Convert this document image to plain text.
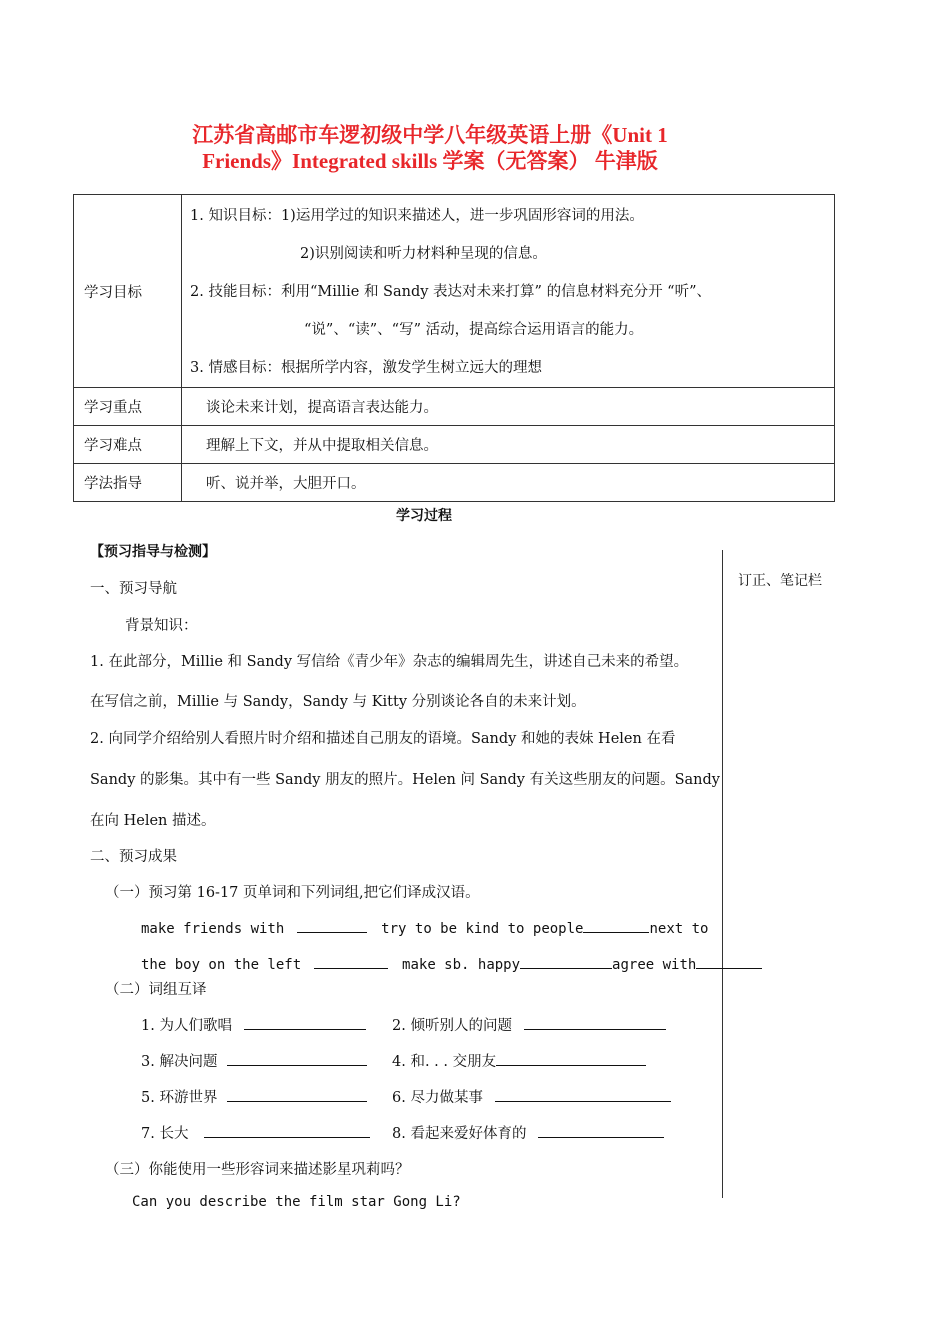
江苏省高邮市车逻初级中学八年级英语上册《Unit 1
Friends》Integrated skills 学案（无答案） 牛津版
学习目标	1. 知识目标：1)运用学过的知识来描述人，进一步巩固形容词的用法。
2)识别阅读和听力材料种呈现的信息。
2. 技能目标：利用“Millie 和 Sandy 表达对未来打算” 的信息材料充分开 “听”、
“说”、“读”、“写” 活动，提高综合运用语言的能力。
3. 情感目标：根据所学内容，激发学生树立远大的理想

学习重点	谈论未来计划，提高语言表达能力。
学习难点	理解上下文，并从中提取相关信息。
学法指导	听、说并举，大胆开口。
学习过程
订正、笔记栏
【预习指导与检测】
一、预习导航
背景知识：
1. 在此部分，Millie 和 Sandy 写信给《青少年》杂志的编辑周先生，讲述自己未来的希望。
在写信之前，Millie 与 Sandy，Sandy 与 Kitty 分别谈论各自的未来计划。
2. 向同学介绍给别人看照片时介绍和描述自己朋友的语境。Sandy 和她的表妹 Helen 在看
Sandy 的影集。其中有一些 Sandy 朋友的照片。Helen 问 Sandy 有关这些朋友的问题。Sandy
在向 Helen 描述。
二、预习成果
（一）预习第 16-17 页单词和下列词组,把它们译成汉语。
make friends with	try to be kind to people	next to
the boy on the left	make sb. happy	agree with
（二）词组互译
1. 为人们歌唱	2. 倾听别人的问题
3. 解决问题	4. 和. . . 交朋友
5. 环游世界	6. 尽力做某事
7. 长大	8. 看起来爱好体育的
（三）你能使用一些形容词来描述影星巩莉吗？
Can you describe the film star Gong Li?
